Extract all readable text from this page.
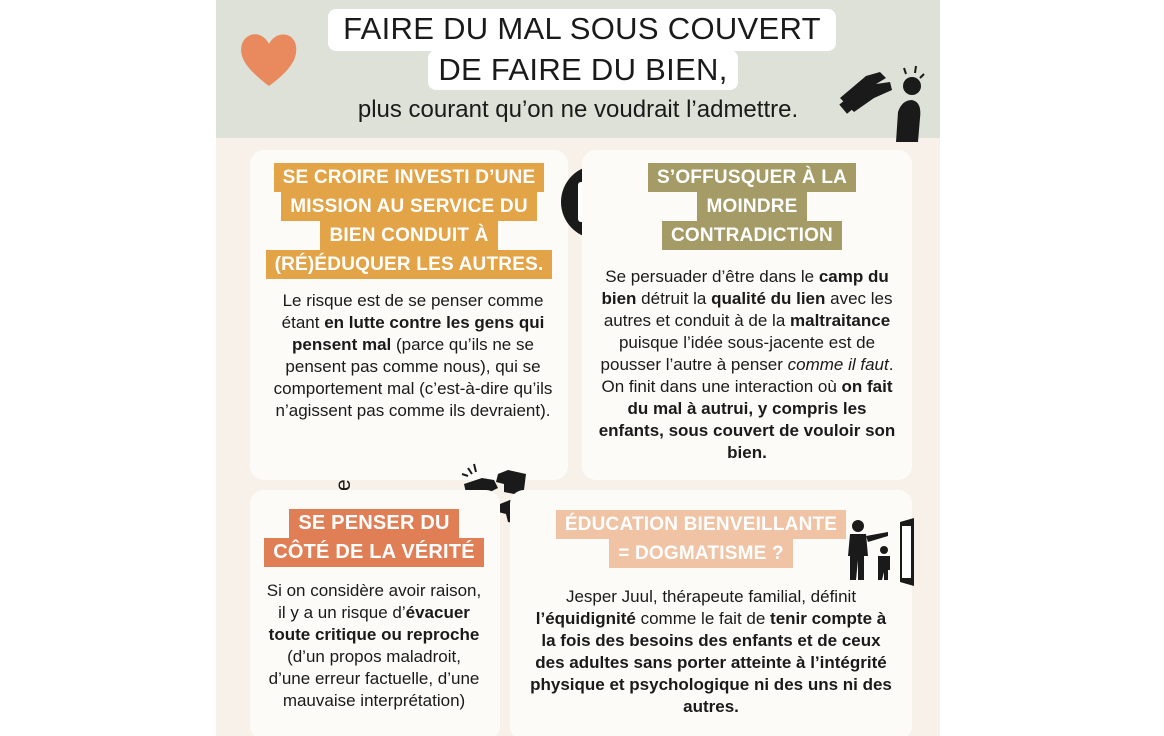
FAIRE DU MAL SOUS COUVERT
DE FAIRE DU BIEN,
plus courant qu’on ne voudrait l’admettre.
SE CROIRE INVESTI D’UNE
MISSION AU SERVICE DU
BIEN CONDUIT À
(RÉ)ÉDUQUER LES AUTRES.
Le risque est de se penser comme étant en lutte contre les gens qui pensent mal (parce qu’ils ne se pensent pas comme nous), qui se comportement mal (c’est-à-dire qu’ils n’agissent pas comme ils devraient).
S’OFFUSQUER À LA
MOINDRE
CONTRADICTION
Se persuader d’être dans le camp du bien détruit la qualité du lien avec les autres et conduit à de la maltraitance puisque l’idée sous-jacente est de pousser l’autre à penser comme il faut. On finit dans une interaction où on fait du mal à autrui, y compris les enfants, sous couvert de vouloir son bien.
SE PENSER DU
CÔTÉ DE LA VÉRITÉ
Si on considère avoir raison, il y a un risque d’évacuer toute critique ou reproche (d’un propos maladroit, d’une erreur factuelle, d’une mauvaise interprétation)
ÉDUCATION BIENVEILLANTE
= DOGMATISME ?
Jesper Juul, thérapeute familial, définit l’équidignité comme le fait de tenir compte à la fois des besoins des enfants et de ceux des adultes sans porter atteinte à l’intégrité physique et psychologique ni des uns ni des autres.
